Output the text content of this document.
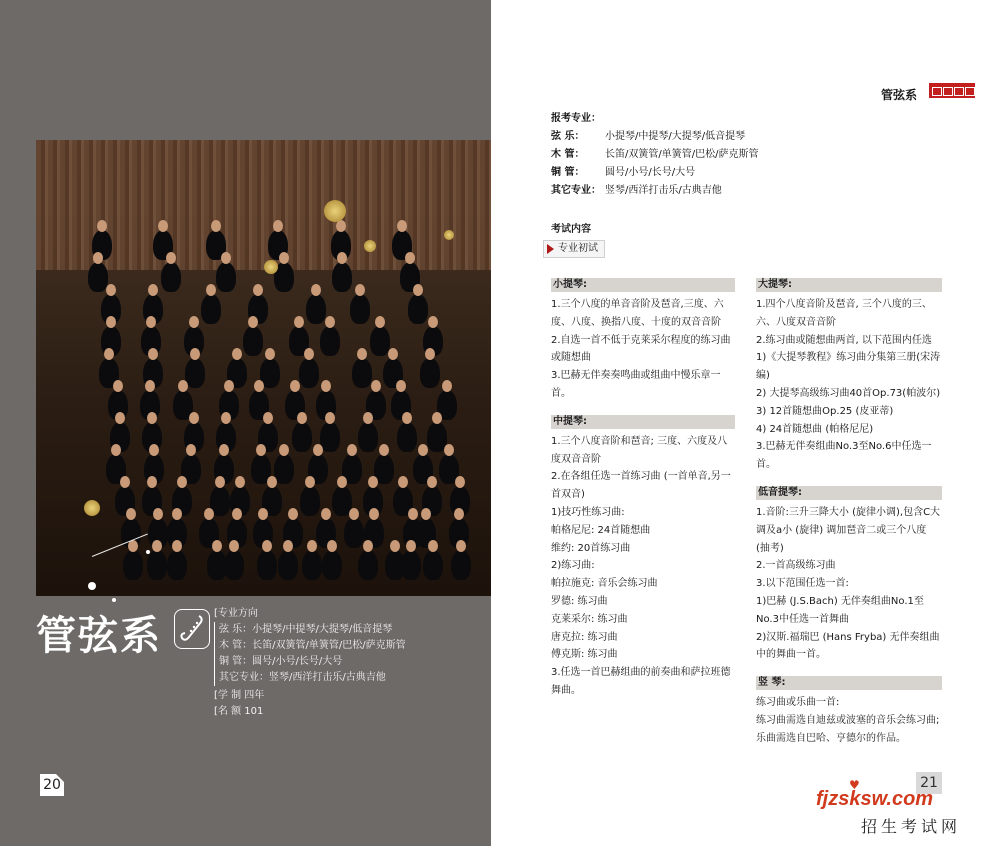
管弦系	[专业方向
弦 乐：小提琴/中提琴/大提琴/低音提琴
木 管：长笛/双簧管/单簧管/巴松/萨克斯管
铜 管：圆号/小号/长号/大号
其它专业：竖琴/西洋打击乐/古典吉他
[学 制 四年
[名 额 101
20
管弦系
报考专业：
弦 乐： 小提琴/中提琴/大提琴/低音提琴
木 管： 长笛/双簧管/单簧管/巴松/萨克斯管
铜 管： 圆号/小号/长号/大号
其它专业： 竖琴/西洋打击乐/古典吉他
考试内容
专业初试
小提琴:
1.三个八度的单音音阶及琶音,三度、六度、八度、换指八度、十度的双音音阶
2.自选一首不低于克莱采尔程度的练习曲或随想曲
3.巴赫无伴奏奏鸣曲或组曲中慢乐章一首。
中提琴:
1.三个八度音阶和琶音; 三度、六度及八度双音音阶
2.在各组任选一首练习曲 (一首单音,另一首双音)
1)技巧性练习曲:
帕格尼尼: 24首随想曲
维约: 20首练习曲
2)练习曲:
帕拉施克: 音乐会练习曲
罗德: 练习曲
克莱采尔: 练习曲
唐克拉: 练习曲
傅克斯: 练习曲
3.任选一首巴赫组曲的前奏曲和萨拉班德舞曲。
大提琴:
1.四个八度音阶及琶音, 三个八度的三、六、八度双音音阶
2.练习曲或随想曲两首, 以下范围内任选
1)《大提琴教程》练习曲分集第三册(宋涛编)
2) 大提琴高级练习曲40首Op.73(帕波尔)
3) 12首随想曲Op.25 (皮亚蒂)
4) 24首随想曲 (帕格尼尼)
3.巴赫无伴奏组曲No.3至No.6中任选一首。
低音提琴:
1.音阶:三升三降大小 (旋律小调),包含C大调及a小 (旋律) 调加琶音二或三个八度 (抽考)
2.一首高级练习曲
3.以下范围任选一首:
1)巴赫 (J.S.Bach) 无伴奏组曲No.1至No.3中任选一首舞曲
2)汉斯.福瑞巴 (Hans Fryba) 无伴奏组曲中的舞曲一首。
竖 琴:
练习曲或乐曲一首:
练习曲需选自迪兹或波塞的音乐会练习曲;
乐曲需选自巴哈、亨德尔的作品。
21
♥
fjzsksw.com
招生考试网
